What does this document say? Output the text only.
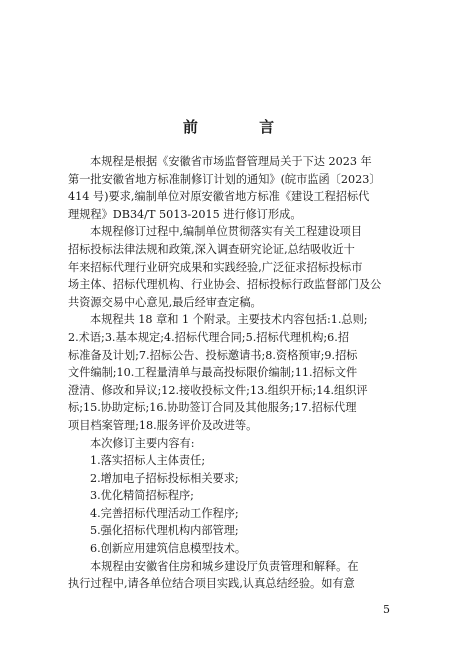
前 言
本规程是根据《安徽省市场监督管理局关于下达 2023 年
第一批安徽省地方标准制修订计划的通知》(皖市监函〔2023〕
414 号)要求,编制单位对原安徽省地方标准《建设工程招标代
理规程》DB34/T 5013-2015 进行修订形成。
本规程修订过程中,编制单位贯彻落实有关工程建设项目
招标投标法律法规和政策,深入调查研究论证,总结吸收近十
年来招标代理行业研究成果和实践经验,广泛征求招标投标市
场主体、招标代理机构、行业协会、招标投标行政监督部门及公
共资源交易中心意见,最后经审查定稿。
本规程共 18 章和 1 个附录。主要技术内容包括:1.总则;
2.术语;3.基本规定;4.招标代理合同;5.招标代理机构;6.招
标准备及计划;7.招标公告、投标邀请书;8.资格预审;9.招标
文件编制;10.工程量清单与最高投标限价编制;11.招标文件
澄清、修改和异议;12.接收投标文件;13.组织开标;14.组织评
标;15.协助定标;16.协助签订合同及其他服务;17.招标代理
项目档案管理;18.服务评价及改进等。
本次修订主要内容有:
1.落实招标人主体责任;
2.增加电子招标投标相关要求;
3.优化精简招标程序;
4.完善招标代理活动工作程序;
5.强化招标代理机构内部管理;
6.创新应用建筑信息模型技术。
本规程由安徽省住房和城乡建设厅负责管理和解释。在
执行过程中,请各单位结合项目实践,认真总结经验。如有意
5
